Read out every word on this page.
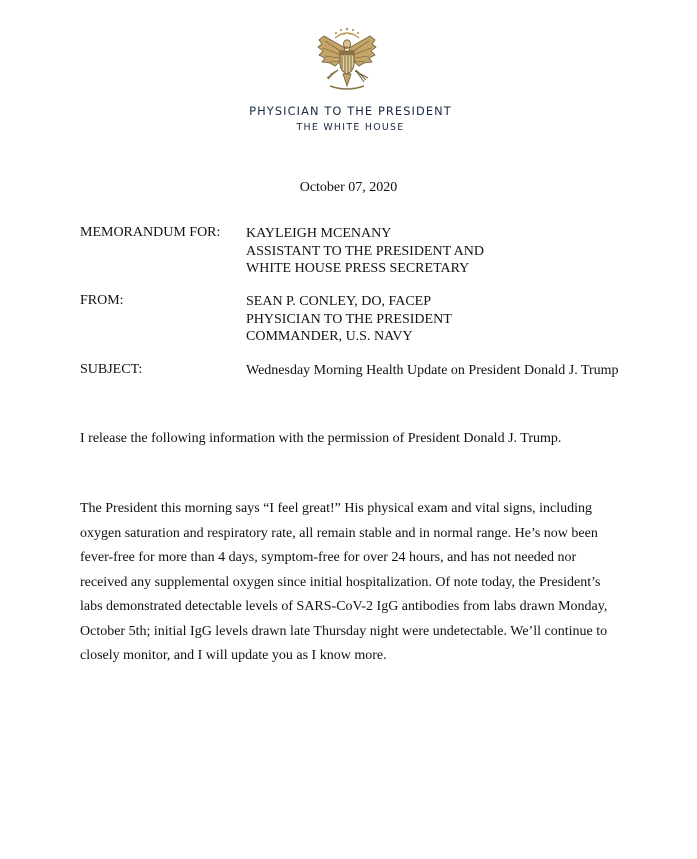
PHYSICIAN TO THE PRESIDENT
THE WHITE HOUSE
October 07, 2020
MEMORANDUM FOR: KAYLEIGH MCENANY
ASSISTANT TO THE PRESIDENT AND
WHITE HOUSE PRESS SECRETARY
FROM:	SEAN P. CONLEY, DO, FACEP
PHYSICIAN TO THE PRESIDENT
COMMANDER, U.S. NAVY
SUBJECT:	Wednesday Morning Health Update on President Donald J. Trump
I release the following information with the permission of President Donald J. Trump.
The President this morning says “I feel great!” His physical exam and vital signs, including
oxygen saturation and respiratory rate, all remain stable and in normal range. He’s now been
fever-free for more than 4 days, symptom-free for over 24 hours, and has not needed nor
received any supplemental oxygen since initial hospitalization. Of note today, the President’s
labs demonstrated detectable levels of SARS-CoV-2 IgG antibodies from labs drawn Monday,
October 5th; initial IgG levels drawn late Thursday night were undetectable. We’ll continue to
closely monitor, and I will update you as I know more.
